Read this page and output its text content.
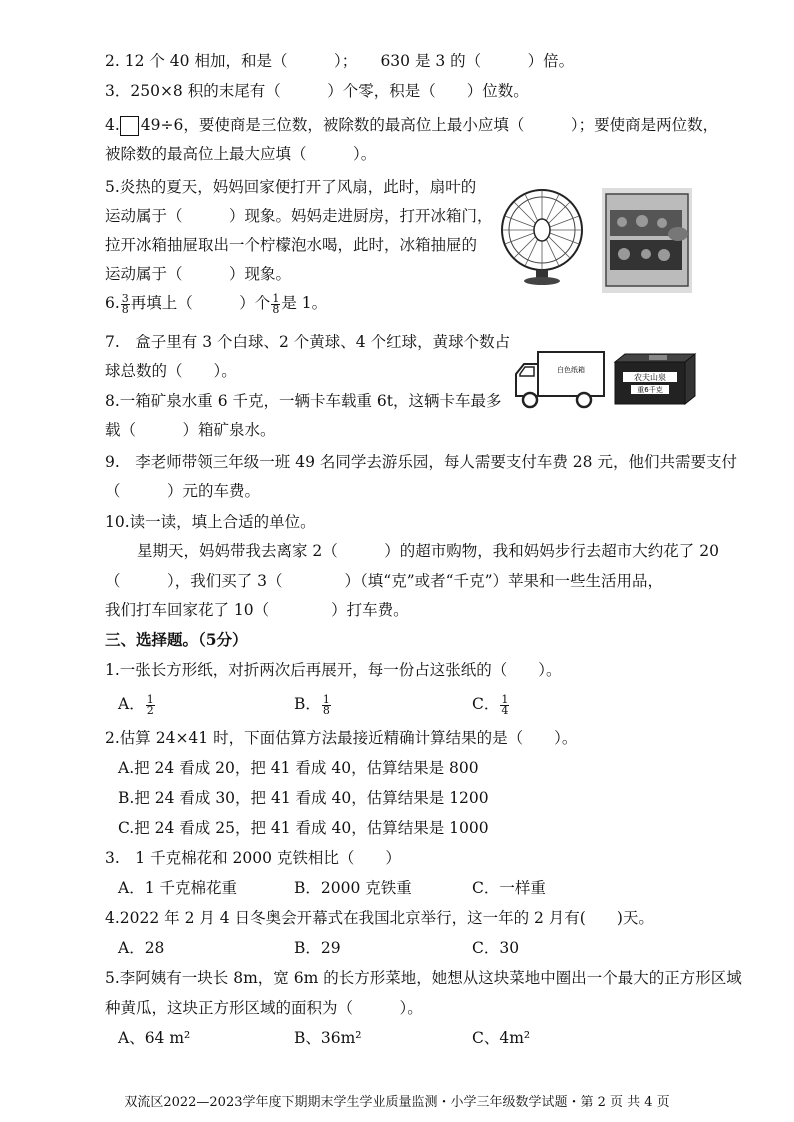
2. 12 个 40 相加，和是（　　　）；　　630 是 3 的（　　　）倍。
3．250×8 积的末尾有（　　　）个零，积是（　　）位数。
4. 49÷6，要使商是三位数，被除数的最高位上最小应填（　　　）；要使商是两位数，
被除数的最高位上最大应填（　　　）。
5.炎热的夏天，妈妈回家便打开了风扇，此时，扇叶的
运动属于（　　　）现象。妈妈走进厨房，打开冰箱门，
拉开冰箱抽屉取出一个柠檬泡水喝，此时，冰箱抽屉的
运动属于（　　　）现象。
6. $\frac{3}{8}$ 再填上（　　　）个 $\frac{1}{8}$ 是 1。
7.　盒子里有 3 个白球、2 个黄球、4 个红球，黄球个数占
球总数的（　　）。	白色纸箱
农夫山泉
重6千克
8.一箱矿泉水重 6 千克，一辆卡车载重 6t，这辆卡车最多
载（　　　）箱矿泉水。
9.　李老师带领三年级一班 49 名同学去游乐园，每人需要支付车费 28 元，他们共需要支付
（　　　）元的车费。
10.读一读，填上合适的单位。
星期天，妈妈带我去离家 2（　　　）的超市购物，我和妈妈步行去超市大约花了 20
（　　　），我们买了 3（　　　　）（填“克”或者“千克”）苹果和一些生活用品，
我们打车回家花了 10（　　　　）打车费。
三、选择题。（5分）
1.一张长方形纸，对折两次后再展开，每一份占这张纸的（　　）。
A． $\frac{1}{2}$	B． $\frac{1}{8}$	C． $\frac{1}{4}$
2.估算 24×41 时，下面估算方法最接近精确计算结果的是（　　）。
A.把 24 看成 20，把 41 看成 40，估算结果是 800
B.把 24 看成 30，把 41 看成 40，估算结果是 1200
C.把 24 看成 25，把 41 看成 40，估算结果是 1000
3.　1 千克棉花和 2000 克铁相比（　　）
A．1 千克棉花重	B．2000 克铁重	C．一样重
4.2022 年 2 月 4 日冬奥会开幕式在我国北京举行，这一年的 2 月有(　　)天。
A．28	B．29	C．30
5.李阿姨有一块长 8m，宽 6m 的长方形菜地，她想从这块菜地中圈出一个最大的正方形区域
种黄瓜，这块正方形区域的面积为（　　　）。
A、64 m²	B、36m²	C、4m²
双流区2022—2023学年度下期期末学生学业质量监测・小学三年级数学试题・第 2 页 共 4 页
